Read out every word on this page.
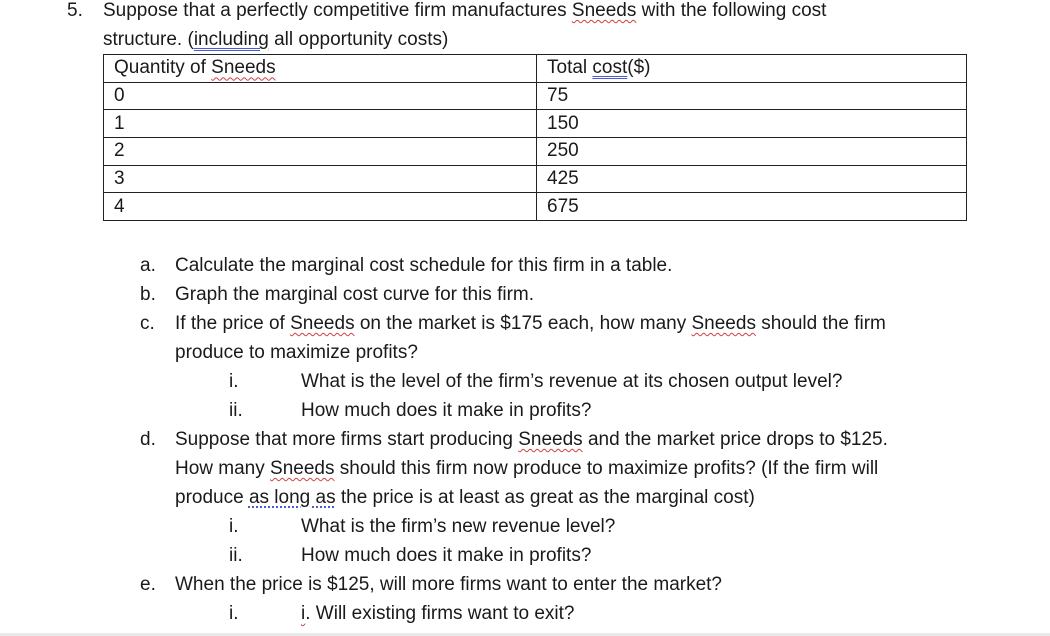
5. Suppose that a perfectly competitive firm manufactures Sneeds with the following cost
structure. (including all opportunity costs)
Quantity of Sneeds	Total cost($)
0	75
1	150
2	250
3	425
4	675
a. Calculate the marginal cost schedule for this firm in a table.
b. Graph the marginal cost curve for this firm.
c. If the price of Sneeds on the market is $175 each, how many Sneeds should the firm
produce to maximize profits?
i.	What is the level of the firm’s revenue at its chosen output level?
ii.	How much does it make in profits?
d. Suppose that more firms start producing Sneeds and the market price drops to $125.
How many Sneeds should this firm now produce to maximize profits? (If the firm will
produce as long as the price is at least as great as the marginal cost)
i.	What is the firm’s new revenue level?
ii.	How much does it make in profits?
e. When the price is $125, will more firms want to enter the market?
i.	i. Will existing firms want to exit?
